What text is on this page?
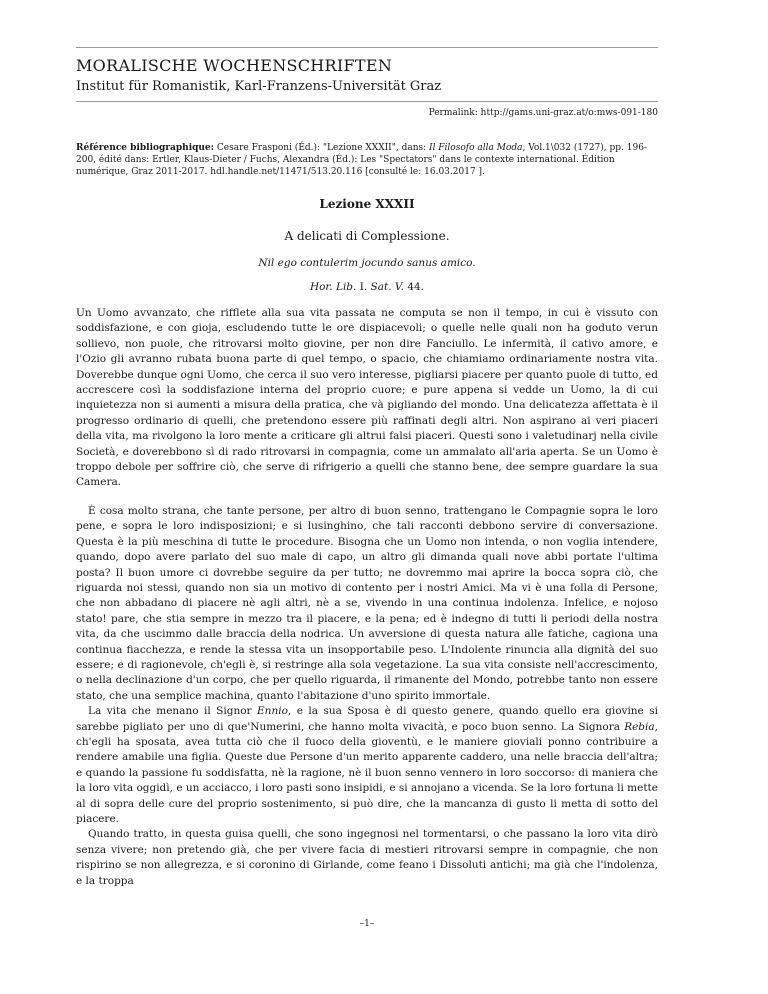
MORALISCHE WOCHENSCHRIFTEN
Institut für Romanistik, Karl-Franzens-Universität Graz
Permalink: http://gams.uni-graz.at/o:mws-091-180
Référence bibliographique: Cesare Frasponi (Éd.): "Lezione XXXII", dans: Il Filosofo alla Moda, Vol.1\032 (1727), pp. 196-200, édité dans: Ertler, Klaus-Dieter / Fuchs, Alexandra (Éd.): Les "Spectators" dans le contexte international. Édition numérique, Graz 2011-2017. hdl.handle.net/11471/513.20.116 [consulté le: 16.03.2017 ].
Lezione XXXII
A delicati di Complessione.
Nil ego contulerim jocundo sanus amico.
Hor. Lib. I. Sat. V. 44.

Un Uomo avvanzato, che rifflete alla sua vita passata ne computa se non il tempo, in cui è vissuto con soddisfazione, e con gioja, escludendo tutte le ore dispiacevoli; o quelle nelle quali non ha goduto verun sollievo, non puole, che ritrovarsi molto giovine, per non dire Fanciullo. Le infermità, il cativo amore, e l'Ozio gli avranno rubata buona parte di quel tempo, o spacio, che chiamiamo ordinariamente nostra vita. Doverebbe dunque ogni Uomo, che cerca il suo vero interesse, pigliarsi piacere per quanto puole di tutto, ed accrescere così la soddisfazione interna del proprio cuore; e pure appena si vedde un Uomo, la di cui inquietezza non si aumenti a misura della pratica, che và pigliando del mondo. Una delicatezza affettata è il progresso ordinario di quelli, che pretendono essere più raffinati degli altri. Non aspirano ai veri piaceri della vita, ma rivolgono la loro mente a criticare gli altrui falsi piaceri. Questi sono i valetudinarj nella civile Società, e doverebbono sì di rado ritrovarsi in compagnia, come un ammalato all'aria aperta. Se un Uomo è troppo debole per soffrire ciò, che serve di rifrigerio a quelli che stanno bene, dee sempre guardare la sua Camera.

È cosa molto strana, che tante persone, per altro di buon senno, trattengano le Compagnie sopra le loro pene, e sopra le loro indisposizioni; e si lusinghino, che tali racconti debbono servire di conversazione. Questa è la più meschina di tutte le procedure. Bisogna che un Uomo non intenda, o non voglia intendere, quando, dopo avere parlato del suo male di capo, un altro gli dimanda quali nove abbi portate l'ultima posta? Il buon umore ci dovrebbe seguire da per tutto; ne dovremmo mai aprire la bocca sopra ciò, che riguarda noi stessi, quando non sia un motivo di contento per i nostri Amici. Ma vi è una folla di Persone, che non abbadano di piacere nè agli altri, nè a se, vivendo in una continua indolenza. Infelice, e nojoso stato! pare, che stia sempre in mezzo tra il piacere, e la pena; ed è indegno di tutti li periodi della nostra vita, da che uscimmo dalle braccia della nodrica. Un avversione di questa natura alle fatiche, cagiona una continua fiacchezza, e rende la stessa vita un insopportabile peso. L'Indolente rinuncia alla dignità del suo essere; e di ragionevole, ch'egli è, si restringe alla sola vegetazione. La sua vita consiste nell'accrescimento, o nella declinazione d'un corpo, che per quello riguarda, il rimanente del Mondo, potrebbe tanto non essere stato, che una semplice machina, quanto l'abitazione d'uno spirito immortale.

La vita che menano il Signor Ennio, e la sua Sposa è di questo genere, quando quello era giovine si sarebbe pigliato per uno di que'Numerini, che hanno molta vivacità, e poco buon senno. La Signora Rebia, ch'egli ha sposata, avea tutta ciò che il fuoco della gioventù, e le maniere gioviali ponno contribuire a rendere amabile una figlia. Queste due Persone d'un merito apparente caddero, una nelle braccia dell'altra; e quando la passione fu soddisfatta, nè la ragione, nè il buon senno vennero in loro soccorso: di maniera che la loro vita oggidì, e un acciacco, i loro pasti sono insipidi, e si annojano a vicenda. Se la loro fortuna li mette al di sopra delle cure del proprio sostenimento, si può dire, che la mancanza di gusto li metta di sotto del piacere.

Quando tratto, in questa guisa quelli, che sono ingegnosi nel tormentarsi, o che passano la loro vita dirò senza vivere; non pretendo già, che per vivere facia di mestieri ritrovarsi sempre in compagnie, che non rispirino se non allegrezza, e si coronino di Girlande, come feano i Dissoluti antichi; ma già che l'indolenza, e la troppa

–1–
